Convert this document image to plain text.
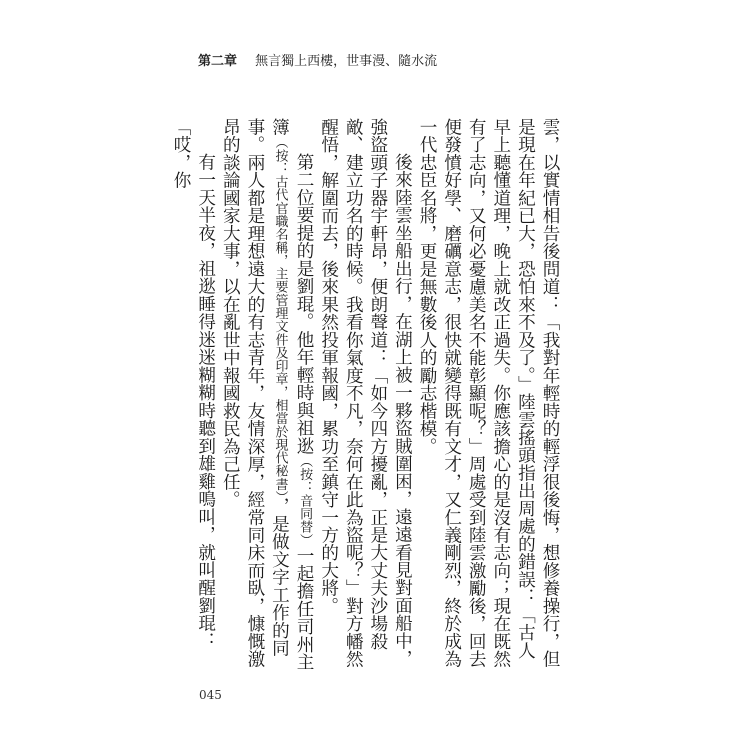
第二章 無言獨上西樓，世事漫、隨水流

雲，以實情相告後問道：「我對年輕時的輕浮很後悔，想修養操行，但是現在年紀已大，恐怕來不及了。」陸雲搖頭指出周處的錯誤：「古人早上聽懂道理，晚上就改正過失。你應該擔心的是沒有志向；現在既然有了志向，又何必憂慮美名不能彰顯呢？」周處受到陸雲激勵後，回去便發憤好學、磨礪意志，很快就變得既有文才，又仁義剛烈，終於成為一代忠臣名將，更是無數後人的勵志楷模。

後來陸雲坐船出行，在湖上被一夥盜賊圍困，遠遠看見對面船中，強盜頭子器宇軒昂，便朗聲道：「如今四方擾亂，正是大丈夫沙場殺敵、建立功名的時候。我看你氣度不凡，奈何在此為盜呢？」對方幡然醒悟，解圍而去，後來果然投軍報國，累功至鎮守一方的大將。

第二位要提的是劉琨。他年輕時與祖逖（按：音同替）一起擔任司州主簿（按：古代官職名稱，主要管理文件及印章，相當於現代秘書），是做文字工作的同事。兩人都是理想遠大的有志青年，友情深厚，經常同床而臥，慷慨激昂的談論國家大事，以在亂世中報國救民為己任。

有一天半夜，祖逖睡得迷迷糊糊時聽到雄雞鳴叫，就叫醒劉琨：「哎，你

045
